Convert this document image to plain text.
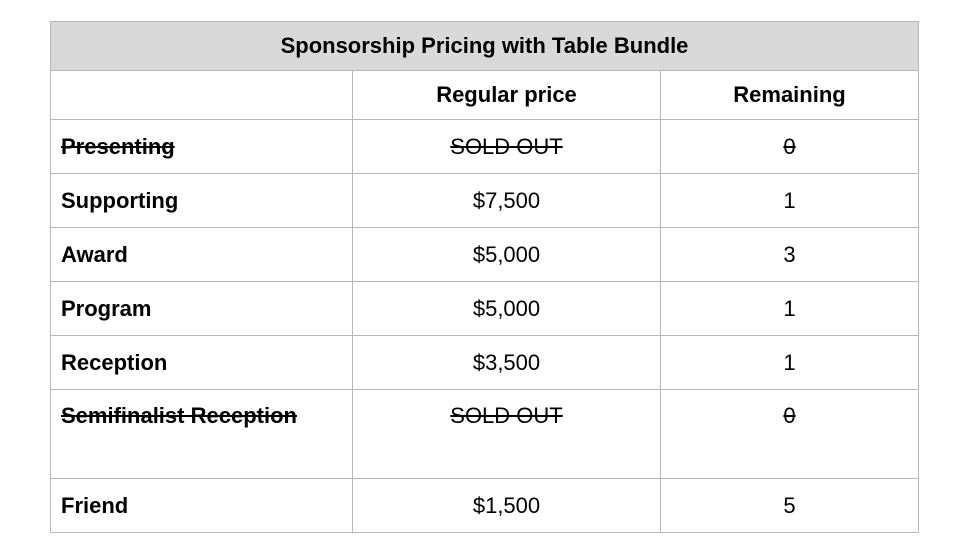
Sponsorship Pricing with Table Bundle		
	Regular price	Remaining
Presenting	SOLD OUT	0
Supporting	$7,500	1
Award	$5,000	3
Program	$5,000	1
Reception	$3,500	1
Semifinalist Reception	SOLD OUT	0
Friend	$1,500	5
